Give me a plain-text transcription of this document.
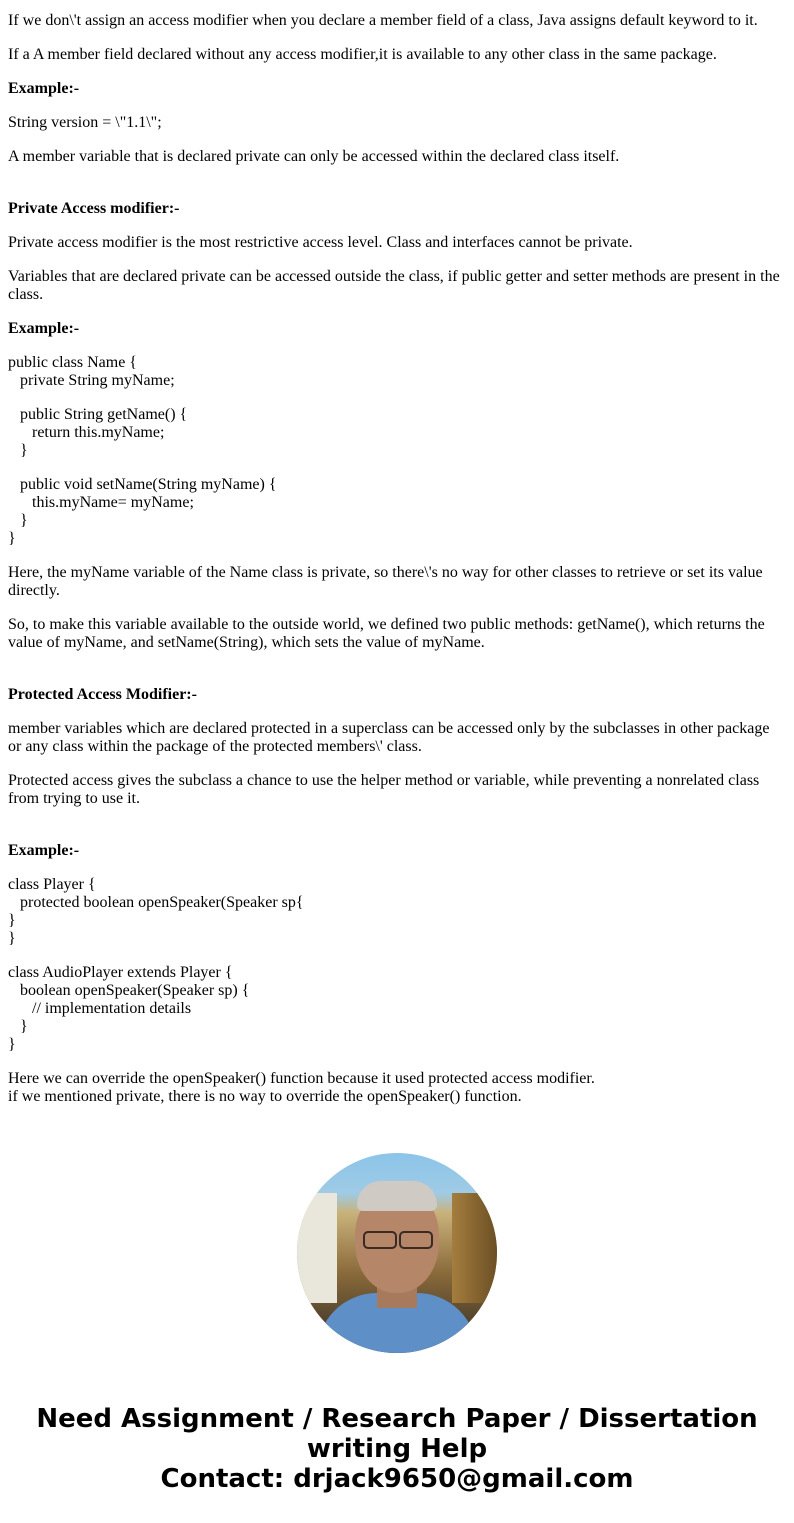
If we don\'t assign an access modifier when you declare a member field of a class, Java assigns default keyword to it.

If a A member field declared without any access modifier,it is available to any other class in the same package.

Example:-

String version = \"1.1\";

A member variable that is declared private can only be accessed within the declared class itself.

Private Access modifier:-

Private access modifier is the most restrictive access level. Class and interfaces cannot be private.

Variables that are declared private can be accessed outside the class, if public getter and setter methods are present in the class.

Example:-

public class Name {
private String myName;

public String getName() {
return this.myName;
}

public void setName(String myName) {
this.myName= myName;
}
}

Here, the myName variable of the Name class is private, so there\'s no way for other classes to retrieve or set its value directly.

So, to make this variable available to the outside world, we defined two public methods: getName(), which returns the value of myName, and setName(String), which sets the value of myName.

Protected Access Modifier:-

member variables which are declared protected in a superclass can be accessed only by the subclasses in other package or any class within the package of the protected members\' class.

Protected access gives the subclass a chance to use the helper method or variable, while preventing a nonrelated class from trying to use it.

Example:-

class Player {
protected boolean openSpeaker(Speaker sp{
}
}

class AudioPlayer extends Player {
boolean openSpeaker(Speaker sp) {
// implementation details
}
}

Here we can override the openSpeaker() function because it used protected access modifier.
if we mentioned private, there is no way to override the openSpeaker() function.

Need Assignment / Research Paper / Dissertation writing Help
Contact: drjack9650@gmail.com
